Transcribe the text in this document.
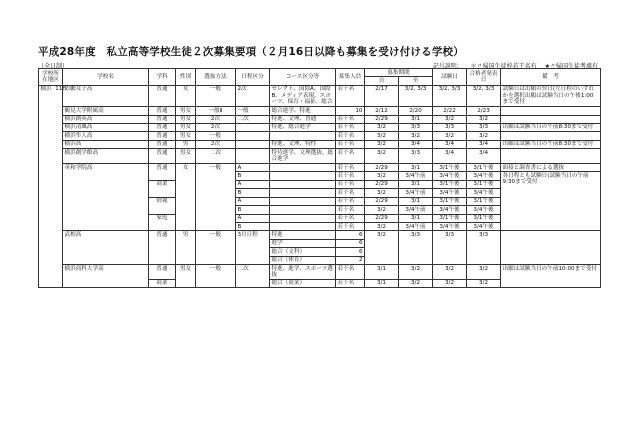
平成28年度　私立高等学校生徒２次募集要項（２月16日以降も募集を受け付ける学校）
（全日制）	記号説明： ＊〃帰国生徒枠若干名有 ★〃帰国生徒考慮有
学校所在地区	学校名	学科	性別	選抜方法	日程区分	コース区分等	募集人員	募集期間		試験日	合格者発表日	備　考
								自	至			
横浜 11校	白鵬女子高	普通	女	一般	2次	セレクト、国際A、国際B、メディア表現、スポーツ、保育・福祉、総合	若干名	2/17	3/2, 3/3	3/2, 3/3	3/2, 3/3	試験日は出願の翌日(左日程のいずれかを選択出願は試験当日の午後1:00まで受付
	鶴見大学附属高	普通	男女	一般Ⅱ	一般	総合進学、特進	10	2/12	2/20	2/22	2/23	
	横浜創英高	普通	男女	2次	二次	特進、文理、普通	若干名	2/29	3/1	3/2	3/2	
	横浜清風高	普通	男女	2次		特進、総合進学	若干名	3/2	3/3	3/3	3/3	出願は試験当日の午前8:30まで受付
	横浜隼人高	普通	男女	一般			若干名	3/2	3/2	3/2	3/2	
	横浜高	普通	男	2次		特進、文理、特性	若干名	3/2	3/4	3/4	3/4	出願は試験当日の午前8:30まで受付
	横浜創学館高	普通	男女	二次		特待進学、文理選抜、総合進学	若干名	3/2	3/3	3/4	3/4	
	英和学院高	普通	女	一般	A		若干名	2/29	3/1	3/1午後	3/1午後	面接と調査書による選抜
					B		若干名	3/2	3/4午前	3/4午後	3/4午後	各日程とも試験日(試験当日の午前9:30まで受付
		商業			A		若干名	2/29	3/1	3/1午後	3/1午後	
					B		若干名	3/2	3/4午前	3/4午後	3/4午後	
		情報			A		若干名	2/29	3/1	3/1午後	3/1午後	
					B		若干名	3/2	3/4午前	3/4午後	3/4午後	
		家庭			A		若干名	2/29	3/1	3/1午後	3/1午後	
					B		若干名	3/2	3/4午前	3/4午後	3/4午後	
	武相高	普通	男	一般	3月日程	特進	6	3/2	3/3	3/3	3/3	
						進学	6					
						総合（文科）	6					
						総合（体育）	2					
	横浜商科大学高	普通	男女	一般	二次	特進、進学、スポーツ選抜	若干名	3/1	3/2	3/2	3/2	出願は試験当日の午前10:00まで受付
		商業				総合（商業）	若干名	3/1	3/2	3/2	3/2	
